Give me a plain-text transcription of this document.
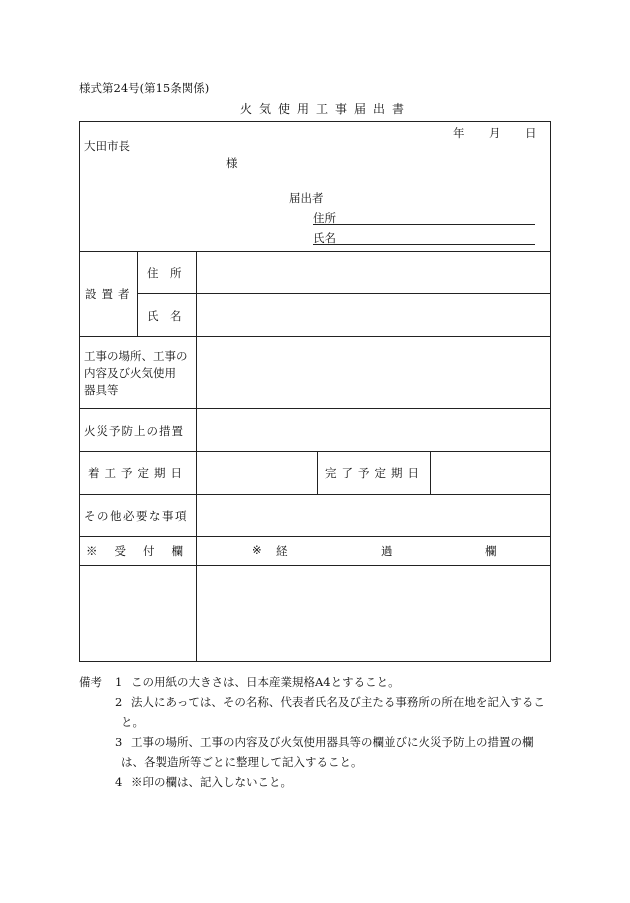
様式第24号(第15条関係)
火気使用工事届出書
年 月 日
大田市長
様
届出者
住所
氏名
設置者
住　所
氏　名
工事の場所、工事の
内容及び火気使用
器具等
火災予防上の措置
着工予定期日	完了予定期日
その他必要な事項
※受付欄	※ 経	過	欄
備考 1 この用紙の大きさは、日本産業規格A4とすること。
2 法人にあっては、その名称、代表者氏名及び主たる事務所の所在地を記入するこ
と。
3 工事の場所、工事の内容及び火気使用器具等の欄並びに火災予防上の措置の欄
は、各製造所等ごとに整理して記入すること。
4 ※印の欄は、記入しないこと。
